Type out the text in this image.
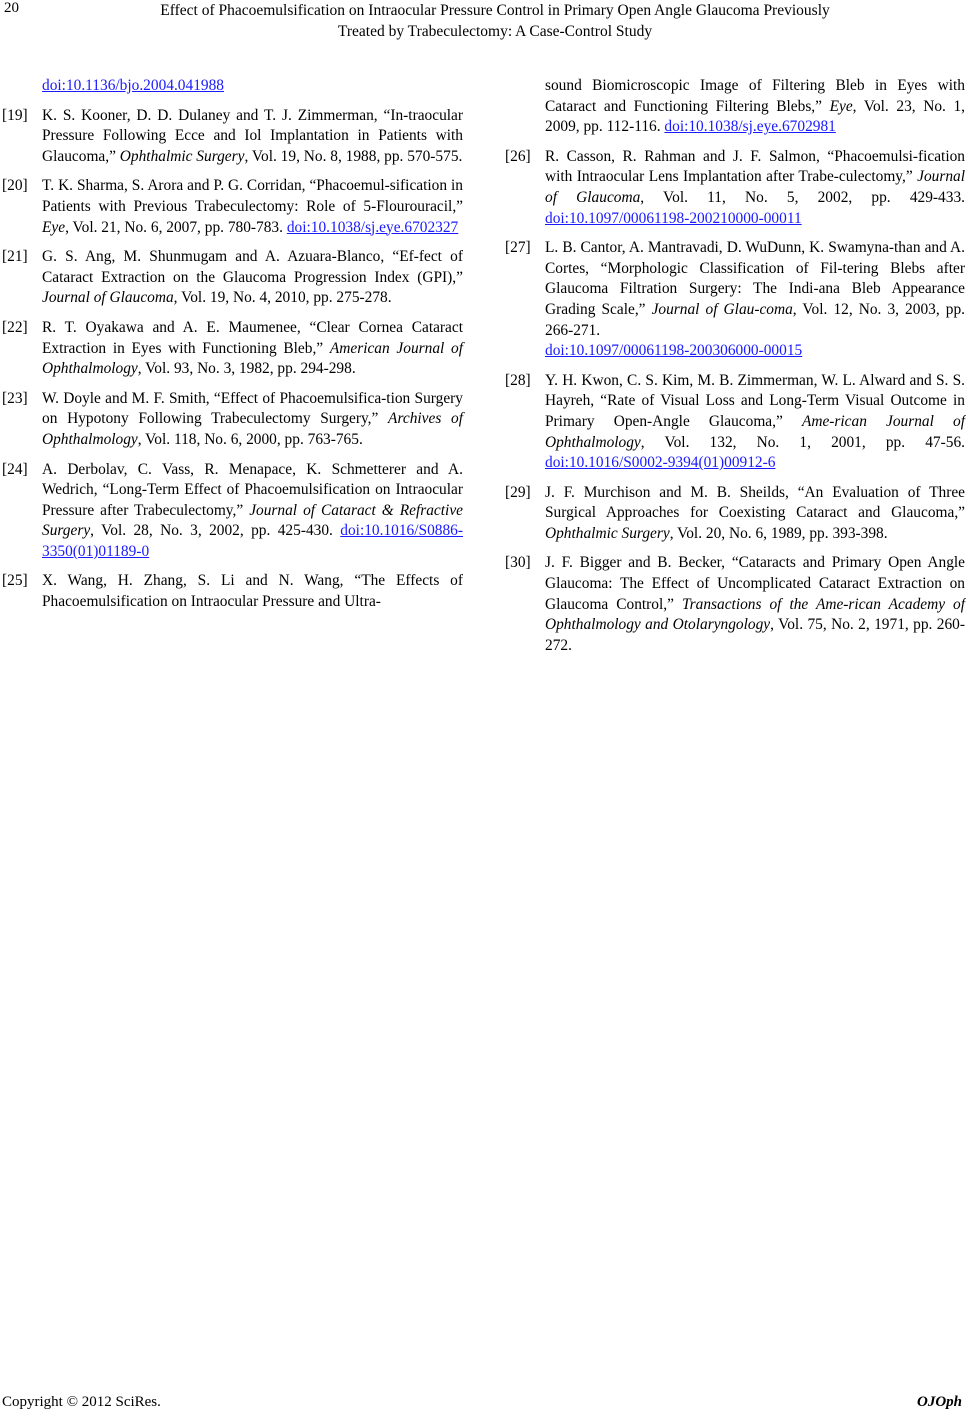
20	Effect of Phacoemulsification on Intraocular Pressure Control in Primary Open Angle Glaucoma Previously
Treated by Trabeculectomy: A Case-Control Study
doi:10.1136/bjo.2004.041988
[19] K. S. Kooner, D. D. Dulaney and T. J. Zimmerman, “In-traocular Pressure Following Ecce and Iol Implantation in Patients with Glaucoma,” Ophthalmic Surgery, Vol. 19, No. 8, 1988, pp. 570-575.
[20] T. K. Sharma, S. Arora and P. G. Corridan, “Phacoemul-sification in Patients with Previous Trabeculectomy: Role of 5-Flourouracil,” Eye, Vol. 21, No. 6, 2007, pp. 780-783. doi:10.1038/sj.eye.6702327
[21] G. S. Ang, M. Shunmugam and A. Azuara-Blanco, “Ef-fect of Cataract Extraction on the Glaucoma Progression Index (GPI),” Journal of Glaucoma, Vol. 19, No. 4, 2010, pp. 275-278.
[22] R. T. Oyakawa and A. E. Maumenee, “Clear Cornea Cataract Extraction in Eyes with Functioning Bleb,” American Journal of Ophthalmology, Vol. 93, No. 3, 1982, pp. 294-298.
[23] W. Doyle and M. F. Smith, “Effect of Phacoemulsifica-tion Surgery on Hypotony Following Trabeculectomy Surgery,” Archives of Ophthalmology, Vol. 118, No. 6, 2000, pp. 763-765.
[24] A. Derbolav, C. Vass, R. Menapace, K. Schmetterer and A. Wedrich, “Long-Term Effect of Phacoemulsification on Intraocular Pressure after Trabeculectomy,” Journal of Cataract & Refractive Surgery, Vol. 28, No. 3, 2002, pp. 425-430. doi:10.1016/S0886-3350(01)01189-0
[25] X. Wang, H. Zhang, S. Li and N. Wang, “The Effects of Phacoemulsification on Intraocular Pressure and Ultra-
sound Biomicroscopic Image of Filtering Bleb in Eyes with Cataract and Functioning Filtering Blebs,” Eye, Vol. 23, No. 1, 2009, pp. 112-116. doi:10.1038/sj.eye.6702981
[26] R. Casson, R. Rahman and J. F. Salmon, “Phacoemulsi-fication with Intraocular Lens Implantation after Trabe-culectomy,” Journal of Glaucoma, Vol. 11, No. 5, 2002, pp. 429-433. doi:10.1097/00061198-200210000-00011
[27] L. B. Cantor, A. Mantravadi, D. WuDunn, K. Swamyna-than and A. Cortes, “Morphologic Classification of Fil-tering Blebs after Glaucoma Filtration Surgery: The Indi-ana Bleb Appearance Grading Scale,” Journal of Glau-coma, Vol. 12, No. 3, 2003, pp. 266-271.
doi:10.1097/00061198-200306000-00015
[28] Y. H. Kwon, C. S. Kim, M. B. Zimmerman, W. L. Alward and S. S. Hayreh, “Rate of Visual Loss and Long-Term Visual Outcome in Primary Open-Angle Glaucoma,” Ame-rican Journal of Ophthalmology, Vol. 132, No. 1, 2001, pp. 47-56. doi:10.1016/S0002-9394(01)00912-6
[29] J. F. Murchison and M. B. Sheilds, “An Evaluation of Three Surgical Approaches for Coexisting Cataract and Glaucoma,” Ophthalmic Surgery, Vol. 20, No. 6, 1989, pp. 393-398.
[30] J. F. Bigger and B. Becker, “Cataracts and Primary Open Angle Glaucoma: The Effect of Uncomplicated Cataract Extraction on Glaucoma Control,” Transactions of the Ame-rican Academy of Ophthalmology and Otolaryngology, Vol. 75, No. 2, 1971, pp. 260-272.
Copyright © 2012 SciRes.	OJOph
